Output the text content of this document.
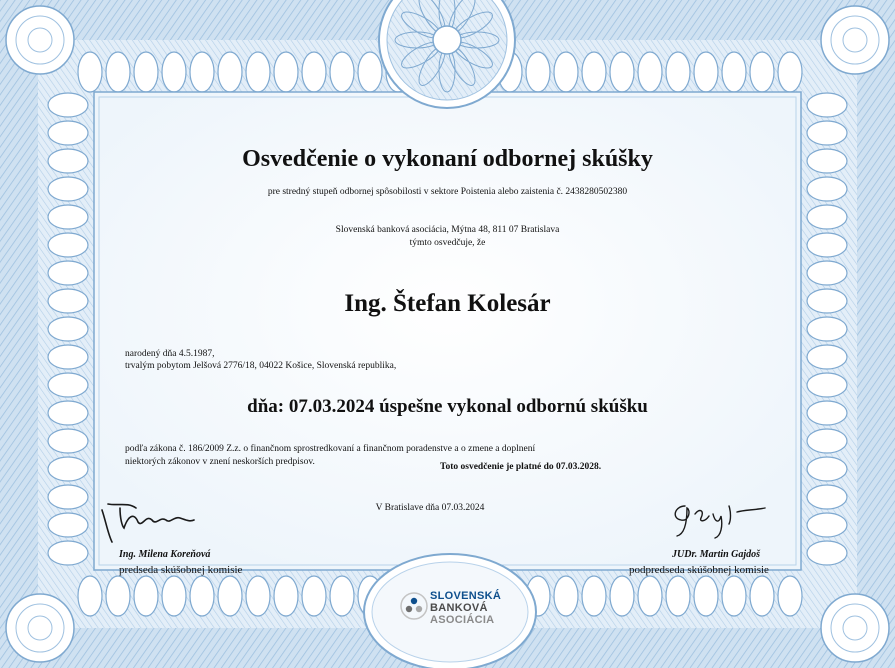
Osvedčenie o vykonaní odbornej skúšky
pre stredný stupeň odbornej spôsobilosti v sektore Poistenia alebo zaistenia č. 2438280502380
Slovenská banková asociácia, Mýtna 48, 811 07 Bratislava
týmto osvedčuje, že
Ing. Štefan Kolesár
narodený dňa 4.5.1987,
trvalým pobytom Jelšová 2776/18, 04022 Košice, Slovenská republika,
dňa: 07.03.2024 úspešne vykonal odbornú skúšku
podľa zákona č. 186/2009 Z.z. o finančnom sprostredkovaní a finančnom poradenstve a o zmene a doplnení
niektorých zákonov v znení neskorších predpisov.	Toto osvedčenie je platné do 07.03.2028.
V Bratislave dňa 07.03.2024
Ing. Milena Koreňová
predseda skúšobnej komisie
JUDr. Martin Gajdoš
podpredseda skúšobnej komisie
SLOVENSKÁ
BANKOVÁ
ASOCIÁCIA
